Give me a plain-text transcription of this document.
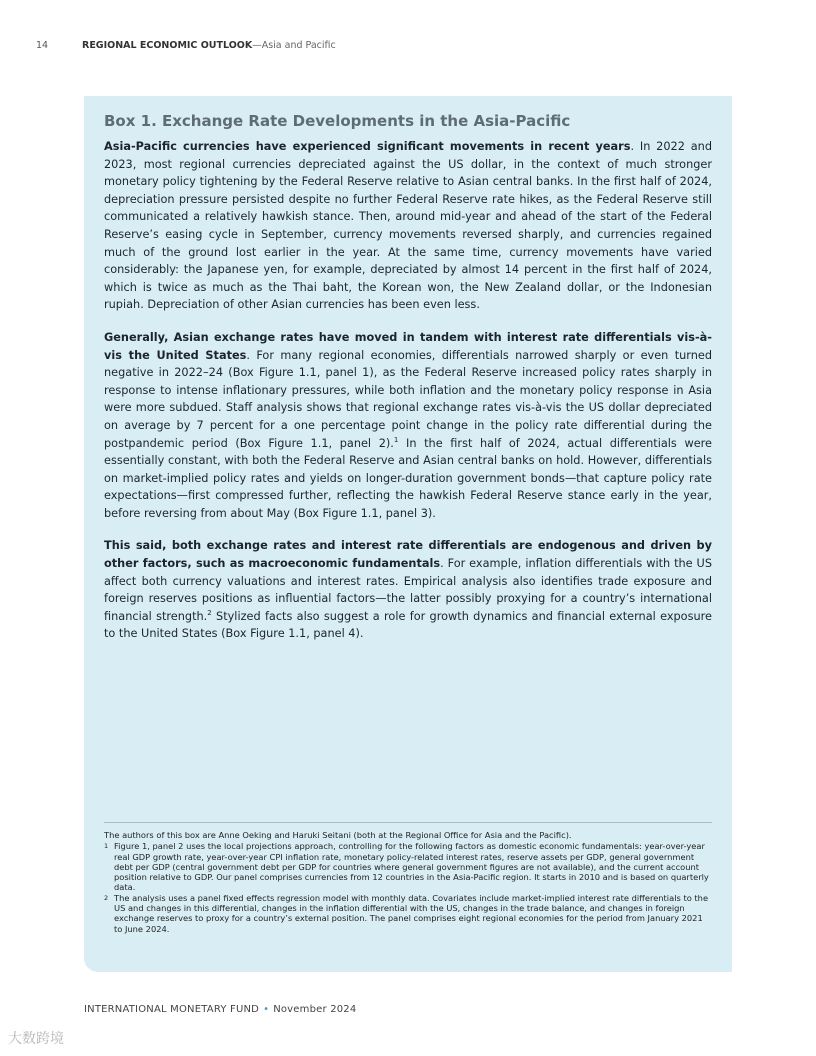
14	REGIONAL ECONOMIC OUTLOOK—Asia and Pacific
Box 1. Exchange Rate Developments in the Asia-Pacific

Asia-Pacific currencies have experienced significant movements in recent years. In 2022 and 2023, most regional currencies depreciated against the US dollar, in the context of much stronger monetary policy tightening by the Federal Reserve relative to Asian central banks. In the first half of 2024, depreciation pressure persisted despite no further Federal Reserve rate hikes, as the Federal Reserve still communicated a relatively hawkish stance. Then, around mid-year and ahead of the start of the Federal Reserve’s easing cycle in September, currency movements reversed sharply, and currencies regained much of the ground lost earlier in the year. At the same time, currency movements have varied considerably: the Japanese yen, for example, depreciated by almost 14 percent in the first half of 2024, which is twice as much as the Thai baht, the Korean won, the New Zealand dollar, or the Indonesian rupiah. Depreciation of other Asian currencies has been even less.

Generally, Asian exchange rates have moved in tandem with interest rate differentials vis-à-vis the United States. For many regional economies, differentials narrowed sharply or even turned negative in 2022–24 (Box Figure 1.1, panel 1), as the Federal Reserve increased policy rates sharply in response to intense inflationary pressures, while both inflation and the monetary policy response in Asia were more subdued. Staff analysis shows that regional exchange rates vis-à-vis the US dollar depreciated on average by 7 percent for a one percentage point change in the policy rate differential during the postpandemic period (Box Figure 1.1, panel 2).$^1$ In the first half of 2024, actual differentials were essentially constant, with both the Federal Reserve and Asian central banks on hold. However, differentials on market-implied policy rates and yields on longer-duration government bonds—that capture policy rate expectations—first compressed further, reflecting the hawkish Federal Reserve stance early in the year, before reversing from about May (Box Figure 1.1, panel 3).

This said, both exchange rates and interest rate differentials are endogenous and driven by other factors, such as macroeconomic fundamentals. For example, inflation differentials with the US affect both currency valuations and interest rates. Empirical analysis also identifies trade exposure and foreign reserves positions as influential factors—the latter possibly proxying for a country’s international financial strength.$^2$ Stylized facts also suggest a role for growth dynamics and financial external exposure to the United States (Box Figure 1.1, panel 4).

The authors of this box are Anne Oeking and Haruki Seitani (both at the Regional Office for Asia and the Pacific).
1 Figure 1, panel 2 uses the local projections approach, controlling for the following factors as domestic economic fundamentals: year-over-year real GDP growth rate, year-over-year CPI inflation rate, monetary policy-related interest rates, reserve assets per GDP, general government debt per GDP (central government debt per GDP for countries where general government figures are not available), and the current account position relative to GDP. Our panel comprises currencies from 12 countries in the Asia-Pacific region. It starts in 2010 and is based on quarterly data.
2 The analysis uses a panel fixed effects regression model with monthly data. Covariates include market-implied interest rate differentials to the US and changes in this differential, changes in the inflation differential with the US, changes in the trade balance, and changes in foreign exchange reserves to proxy for a country’s external position. The panel comprises eight regional economies for the period from January 2021 to June 2024.
INTERNATIONAL MONETARY FUND • November 2024
大数跨境
